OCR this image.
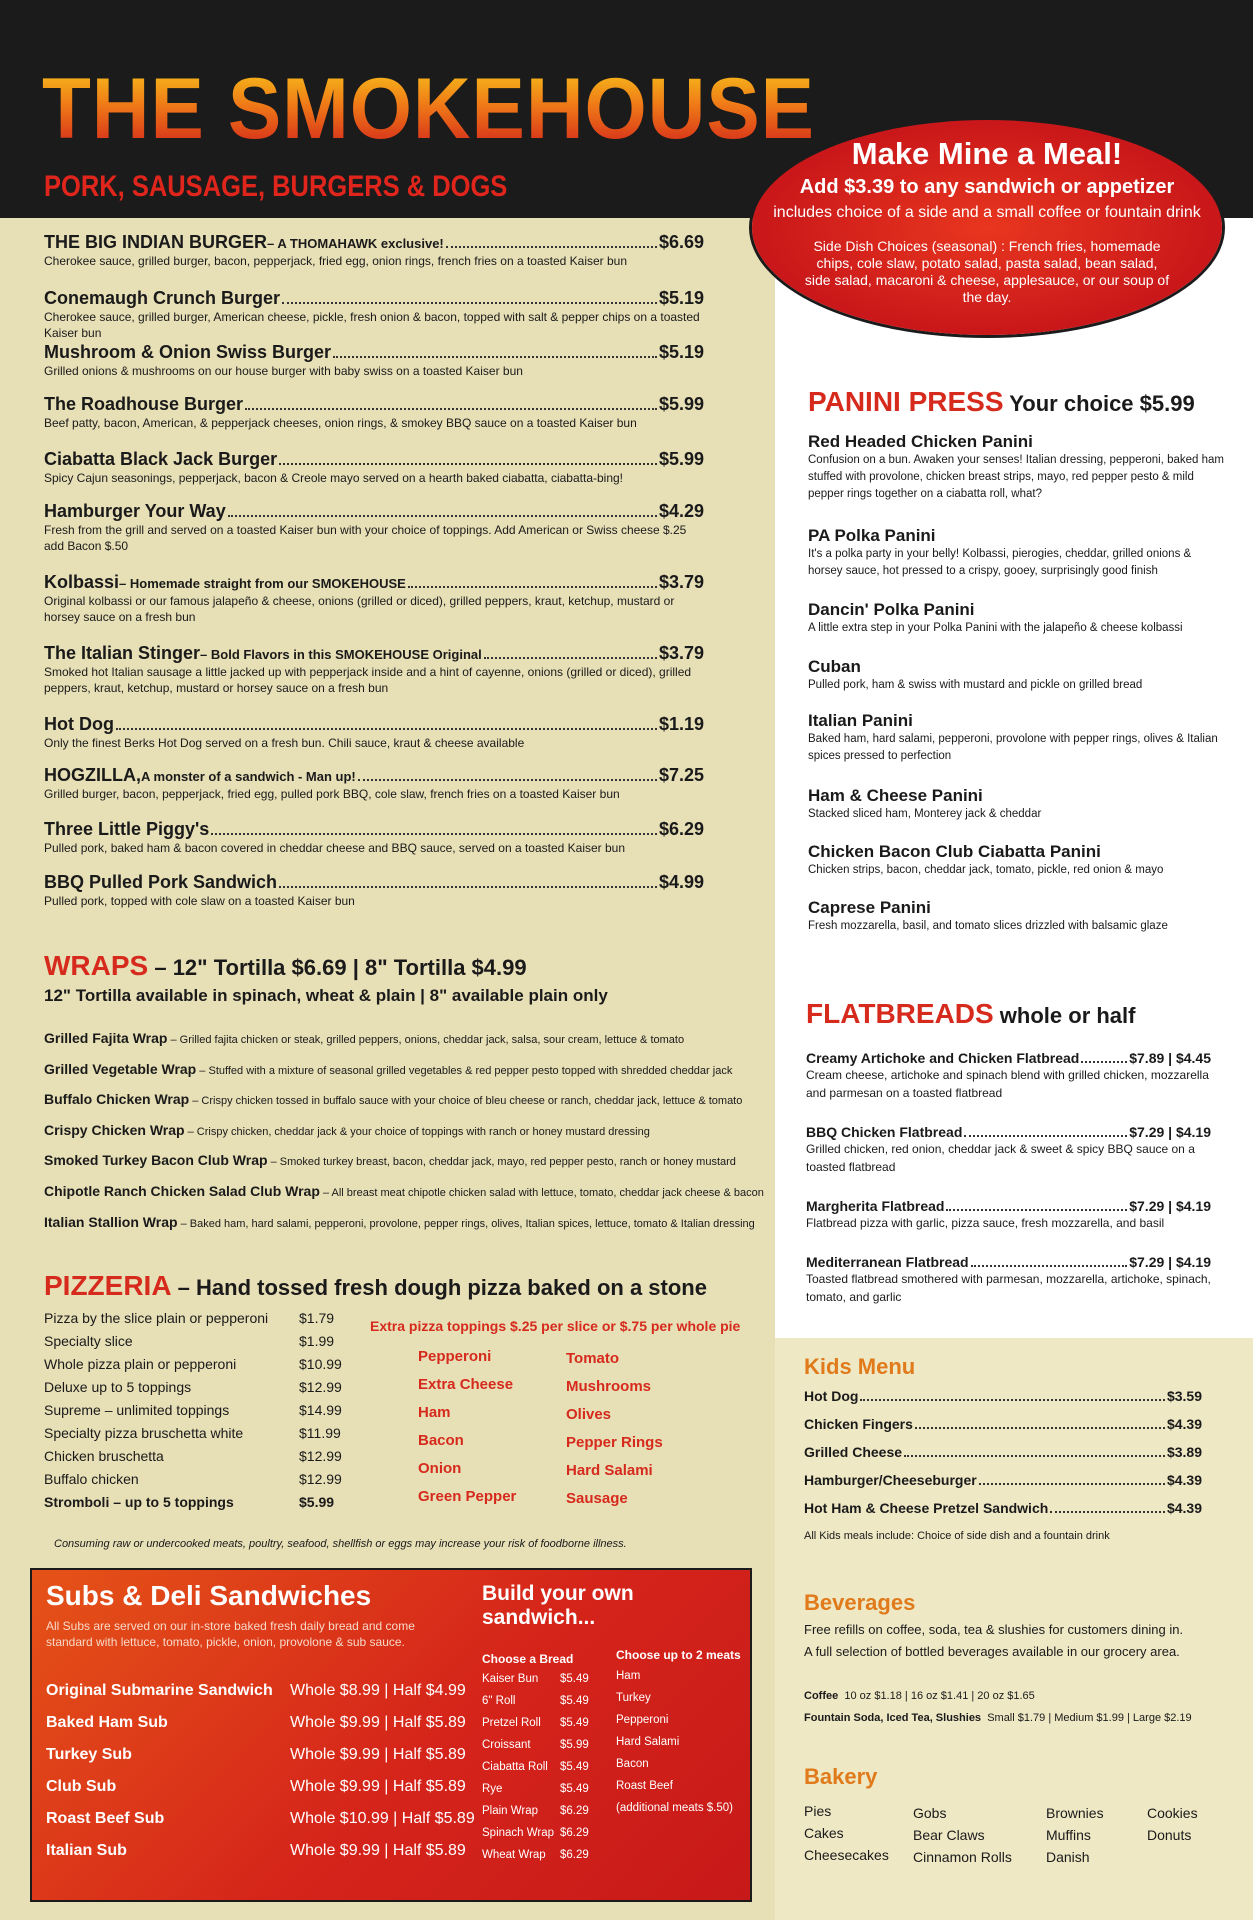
THE SMOKEHOUSE
PORK, SAUSAGE, BURGERS & DOGS
Make Mine a Meal!
Add $3.39 to any sandwich or appetizer
includes choice of a side and a small coffee or fountain drink
Side Dish Choices (seasonal) : French fries, homemade chips, cole slaw, potato salad, pasta salad, bean salad, side salad, macaroni & cheese, applesauce, or our soup of the day.
THE BIG INDIAN BURGER – A THOMAHAWK exclusive!	$6.69
Cherokee sauce, grilled burger, bacon, pepperjack, fried egg, onion rings, french fries on a toasted Kaiser bun
Conemaugh Crunch Burger	$5.19
Cherokee sauce, grilled burger, American cheese, pickle, fresh onion & bacon, topped with salt & pepper chips on a toasted Kaiser bun
Mushroom & Onion Swiss Burger	$5.19
Grilled onions & mushrooms on our house burger with baby swiss on a toasted Kaiser bun
The Roadhouse Burger	$5.99
Beef patty, bacon, American, & pepperjack cheeses, onion rings, & smokey BBQ sauce on a toasted Kaiser bun
Ciabatta Black Jack Burger	$5.99
Spicy Cajun seasonings, pepperjack, bacon & Creole mayo served on a hearth baked ciabatta, ciabatta-bing!
Hamburger Your Way	$4.29
Fresh from the grill and served on a toasted Kaiser bun with your choice of toppings. Add American or Swiss cheese $.25 add Bacon $.50
Kolbassi – Homemade straight from our SMOKEHOUSE	$3.79
Original kolbassi or our famous jalapeño & cheese, onions (grilled or diced), grilled peppers, kraut, ketchup, mustard or horsey sauce on a fresh bun
The Italian Stinger – Bold Flavors in this SMOKEHOUSE Original	$3.79
Smoked hot Italian sausage a little jacked up with pepperjack inside and a hint of cayenne, onions (grilled or diced), grilled peppers, kraut, ketchup, mustard or horsey sauce on a fresh bun
Hot Dog	$1.19
Only the finest Berks Hot Dog served on a fresh bun. Chili sauce, kraut & cheese available
HOGZILLA, A monster of a sandwich - Man up!	$7.25
Grilled burger, bacon, pepperjack, fried egg, pulled pork BBQ, cole slaw, french fries on a toasted Kaiser bun
Three Little Piggy's	$6.29
Pulled pork, baked ham & bacon covered in cheddar cheese and BBQ sauce, served on a toasted Kaiser bun
BBQ Pulled Pork Sandwich	$4.99
Pulled pork, topped with cole slaw on a toasted Kaiser bun
WRAPS – 12" Tortilla $6.69 | 8" Tortilla $4.99
12" Tortilla available in spinach, wheat & plain | 8" available plain only
Grilled Fajita Wrap – Grilled fajita chicken or steak, grilled peppers, onions, cheddar jack, salsa, sour cream, lettuce & tomato
Grilled Vegetable Wrap – Stuffed with a mixture of seasonal grilled vegetables & red pepper pesto topped with shredded cheddar jack
Buffalo Chicken Wrap – Crispy chicken tossed in buffalo sauce with your choice of bleu cheese or ranch, cheddar jack, lettuce & tomato
Crispy Chicken Wrap – Crispy chicken, cheddar jack & your choice of toppings with ranch or honey mustard dressing
Smoked Turkey Bacon Club Wrap – Smoked turkey breast, bacon, cheddar jack, mayo, red pepper pesto, ranch or honey mustard
Chipotle Ranch Chicken Salad Club Wrap – All breast meat chipotle chicken salad with lettuce, tomato, cheddar jack cheese & bacon
Italian Stallion Wrap – Baked ham, hard salami, pepperoni, provolone, pepper rings, olives, Italian spices, lettuce, tomato & Italian dressing
PIZZERIA – Hand tossed fresh dough pizza baked on a stone
Pizza by the slice plain or pepperoni	$1.79
Specialty slice	$1.99
Whole pizza plain or pepperoni	$10.99
Deluxe up to 5 toppings	$12.99
Supreme – unlimited toppings	$14.99
Specialty pizza bruschetta white	$11.99
Chicken bruschetta	$12.99
Buffalo chicken	$12.99
Stromboli – up to 5 toppings	$5.99
Extra pizza toppings $.25 per slice or $.75 per whole pie
Pepperoni
Extra Cheese
Ham
Bacon
Onion
Green Pepper
Tomato
Mushrooms
Olives
Pepper Rings
Hard Salami
Sausage
Consuming raw or undercooked meats, poultry, seafood, shellfish or eggs may increase your risk of foodborne illness.
Subs & Deli Sandwiches
All Subs are served on our in-store baked fresh daily bread and come standard with lettuce, tomato, pickle, onion, provolone & sub sauce.
Original Submarine Sandwich	Whole $8.99 | Half $4.99
Baked Ham Sub	Whole $9.99 | Half $5.89
Turkey Sub	Whole $9.99 | Half $5.89
Club Sub	Whole $9.99 | Half $5.89
Roast Beef Sub	Whole $10.99 | Half $5.89
Italian Sub	Whole $9.99 | Half $5.89
Build your own sandwich...
Choose a Bread
Kaiser Bun	$5.49
6" Roll	$5.49
Pretzel Roll	$5.49
Croissant	$5.99
Ciabatta Roll	$5.49
Rye	$5.49
Plain Wrap	$6.29
Spinach Wrap $6.29
Wheat Wrap	$6.29
Choose up to 2 meats
Ham
Turkey
Pepperoni
Hard Salami
Bacon
Roast Beef
(additional meats $.50)
PANINI PRESS Your choice $5.99
Red Headed Chicken Panini
Confusion on a bun. Awaken your senses! Italian dressing, pepperoni, baked ham stuffed with provolone, chicken breast strips, mayo, red pepper pesto & mild pepper rings together on a ciabatta roll, what?
PA Polka Panini
It's a polka party in your belly! Kolbassi, pierogies, cheddar, grilled onions & horsey sauce, hot pressed to a crispy, gooey, surprisingly good finish
Dancin' Polka Panini
A little extra step in your Polka Panini with the jalapeño & cheese kolbassi
Cuban
Pulled pork, ham & swiss with mustard and pickle on grilled bread
Italian Panini
Baked ham, hard salami, pepperoni, provolone with pepper rings, olives & Italian spices pressed to perfection
Ham & Cheese Panini
Stacked sliced ham, Monterey jack & cheddar
Chicken Bacon Club Ciabatta Panini
Chicken strips, bacon, cheddar jack, tomato, pickle, red onion & mayo
Caprese Panini
Fresh mozzarella, basil, and tomato slices drizzled with balsamic glaze
FLATBREADS whole or half
Creamy Artichoke and Chicken Flatbread	$7.89 | $4.45
Cream cheese, artichoke and spinach blend with grilled chicken, mozzarella and parmesan on a toasted flatbread
BBQ Chicken Flatbread	$7.29 | $4.19
Grilled chicken, red onion, cheddar jack & sweet & spicy BBQ sauce on a toasted flatbread
Margherita Flatbread	$7.29 | $4.19
Flatbread pizza with garlic, pizza sauce, fresh mozzarella, and basil
Mediterranean Flatbread	$7.29 | $4.19
Toasted flatbread smothered with parmesan, mozzarella, artichoke, spinach, tomato, and garlic
Kids Menu
Hot Dog	$3.59
Chicken Fingers	$4.39
Grilled Cheese	$3.89
Hamburger/Cheeseburger	$4.39
Hot Ham & Cheese Pretzel Sandwich	$4.39
All Kids meals include: Choice of side dish and a fountain drink
Beverages
Free refills on coffee, soda, tea & slushies for customers dining in.
A full selection of bottled beverages available in our grocery area.
Coffee 10 oz $1.18 | 16 oz $1.41 | 20 oz $1.65
Fountain Soda, Iced Tea, Slushies Small $1.79 | Medium $1.99 | Large $2.19
Bakery
Pies
Cakes
Cheesecakes
Gobs
Bear Claws
Cinnamon Rolls
Brownies
Muffins
Danish
Cookies
Donuts
